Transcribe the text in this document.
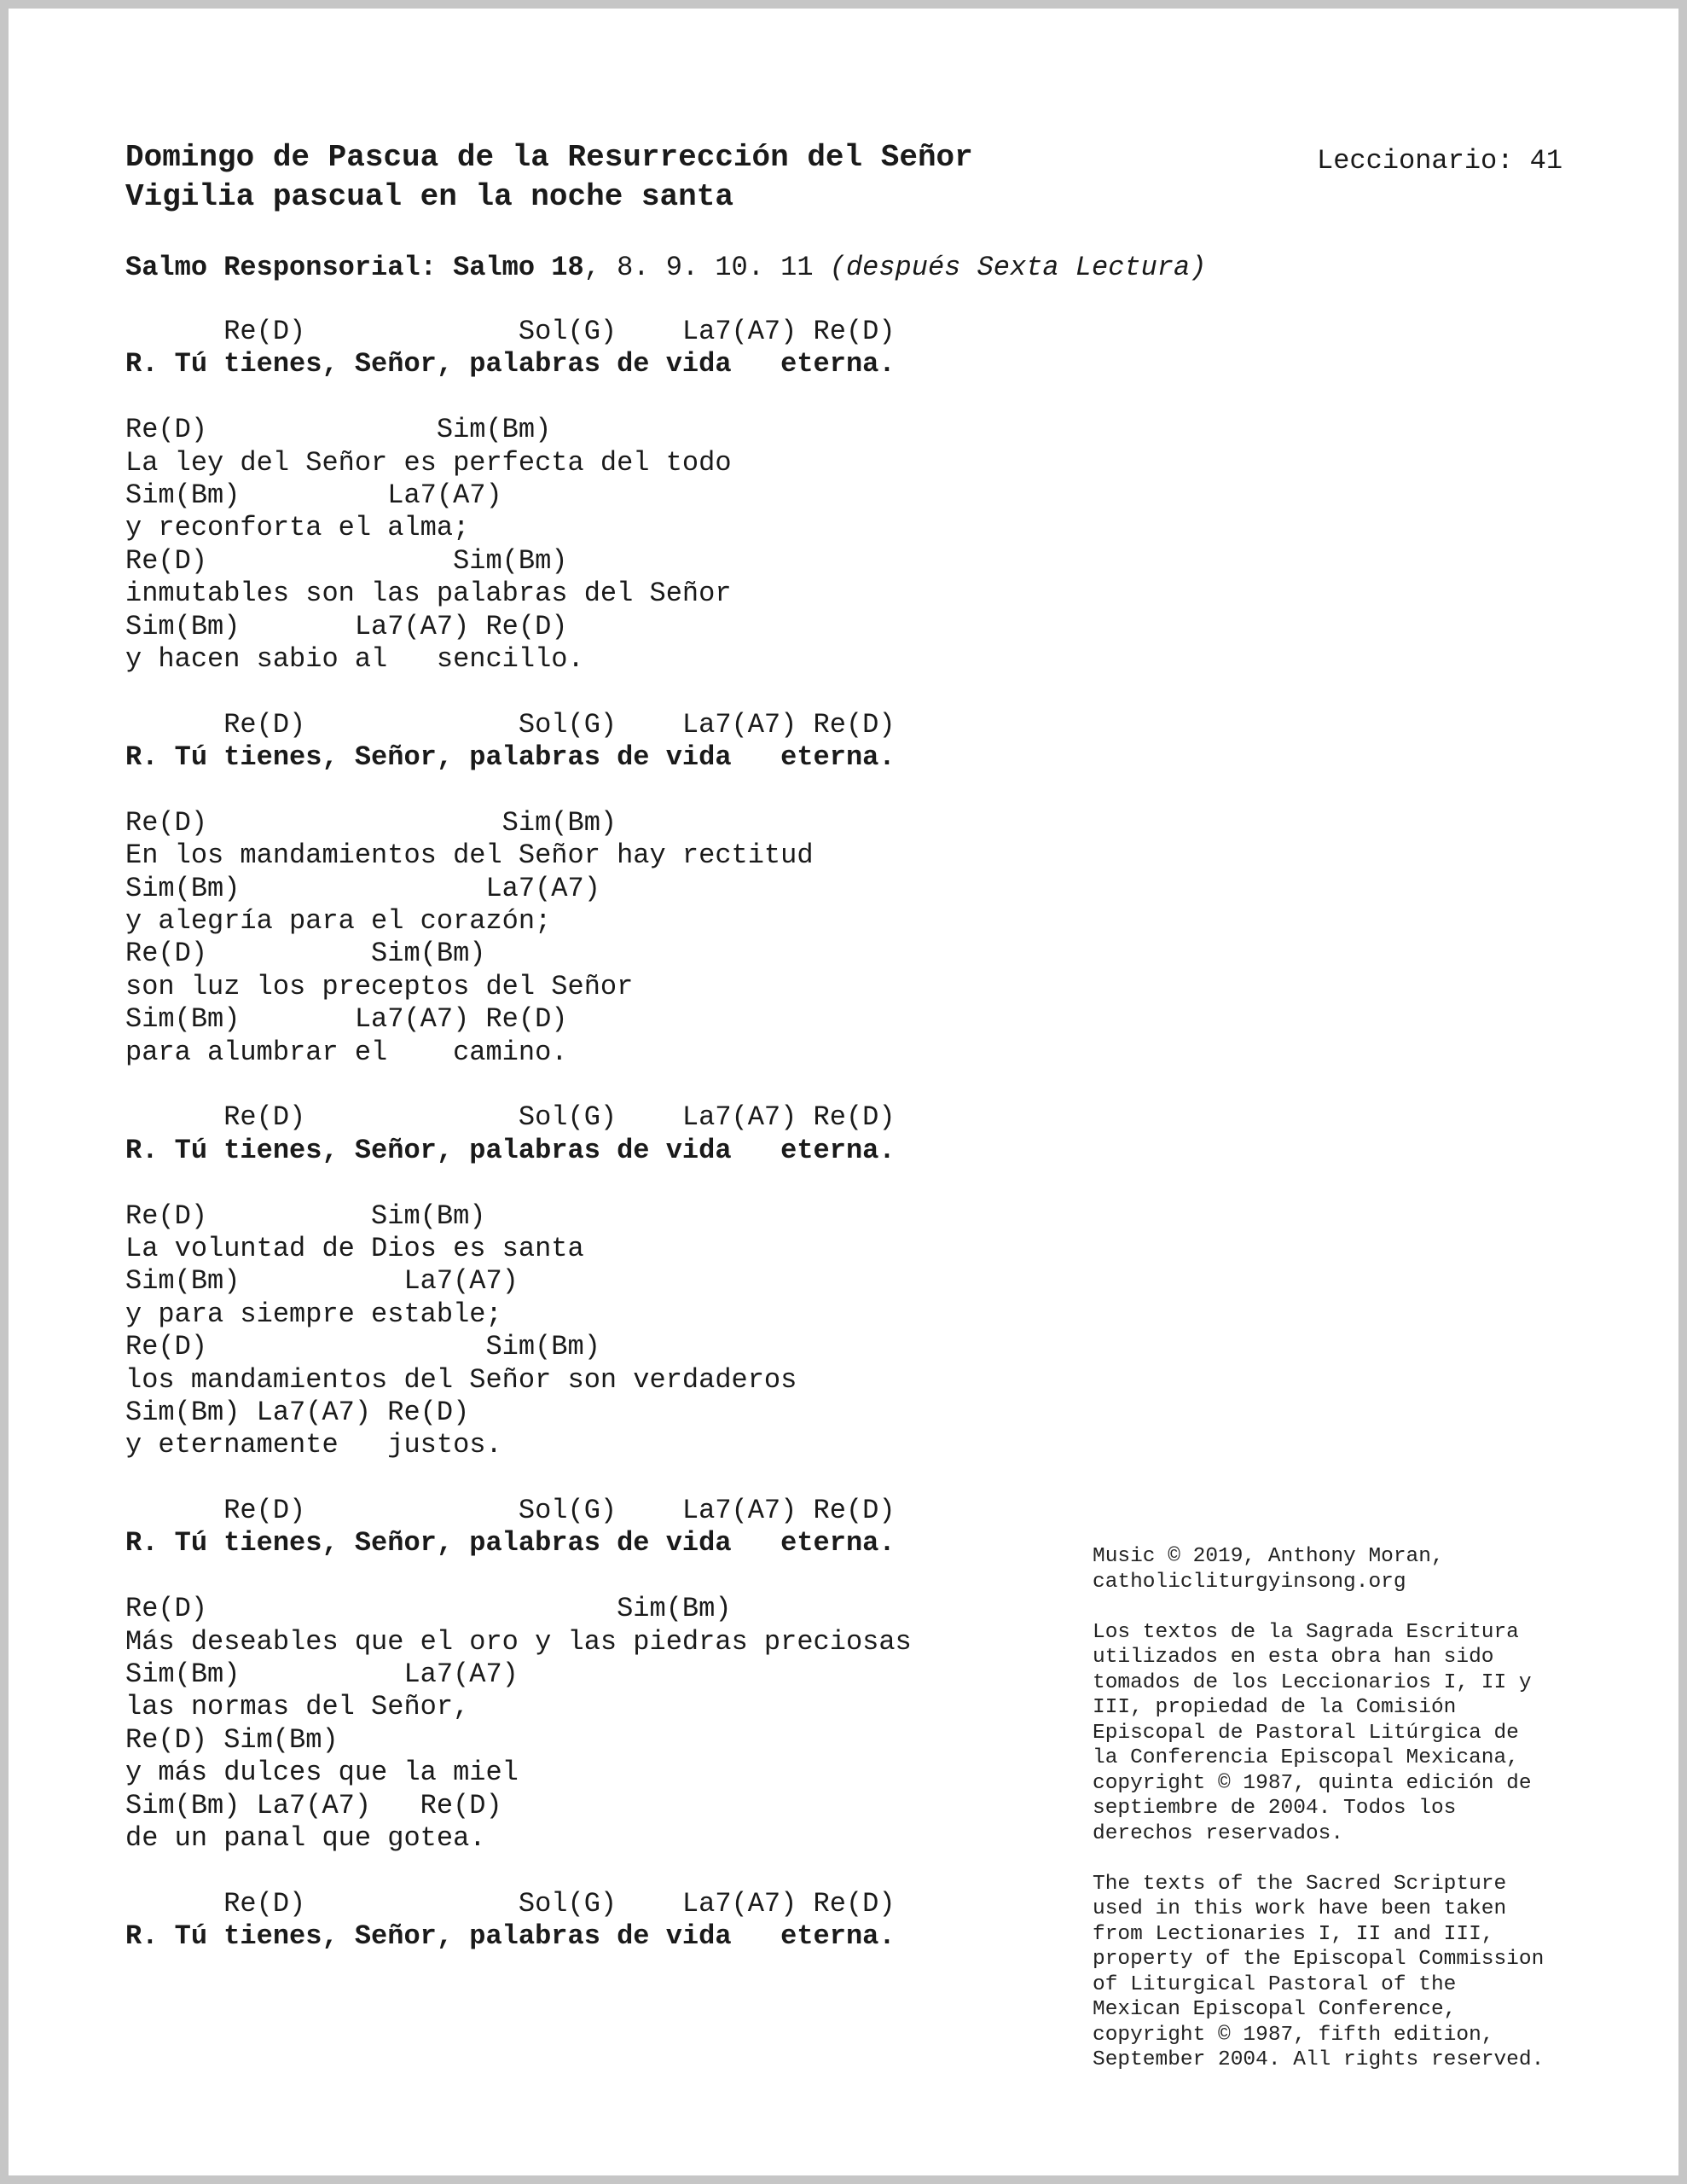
Domingo de Pascua de la Resurrección del Señor
Vigilia pascual en la noche santa
Leccionario: 41
Salmo Responsorial: Salmo 18, 8. 9. 10. 11 (después Sexta Lectura)
Re(D)             Sol(G)    La7(A7) Re(D)
R. Tú tienes, Señor, palabras de vida   eterna.
Re(D)              Sim(Bm)
La ley del Señor es perfecta del todo
Sim(Bm)         La7(A7)
y reconforta el alma;
Re(D)               Sim(Bm)
inmutables son las palabras del Señor
Sim(Bm)       La7(A7) Re(D)
y hacen sabio al   sencillo.
Re(D)             Sol(G)    La7(A7) Re(D)
R. Tú tienes, Señor, palabras de vida   eterna.
Re(D)                  Sim(Bm)
En los mandamientos del Señor hay rectitud
Sim(Bm)               La7(A7)
y alegría para el corazón;
Re(D)          Sim(Bm)
son luz los preceptos del Señor
Sim(Bm)       La7(A7) Re(D)
para alumbrar el    camino.
Re(D)             Sol(G)    La7(A7) Re(D)
R. Tú tienes, Señor, palabras de vida   eterna.
Re(D)          Sim(Bm)
La voluntad de Dios es santa
Sim(Bm)          La7(A7)
y para siempre estable;
Re(D)                 Sim(Bm)
los mandamientos del Señor son verdaderos
Sim(Bm) La7(A7) Re(D)
y eternamente   justos.
Re(D)             Sol(G)    La7(A7) Re(D)
R. Tú tienes, Señor, palabras de vida   eterna.
Re(D)                         Sim(Bm)
Más deseables que el oro y las piedras preciosas
Sim(Bm)          La7(A7)
las normas del Señor,
Re(D) Sim(Bm)
y más dulces que la miel
Sim(Bm) La7(A7)   Re(D)
de un panal que gotea.
Re(D)             Sol(G)    La7(A7) Re(D)
R. Tú tienes, Señor, palabras de vida   eterna.
Music © 2019, Anthony Moran,
catholicliturgyinsong.org
Los textos de la Sagrada Escritura
utilizados en esta obra han sido
tomados de los Leccionarios I, II y
III, propiedad de la Comisión
Episcopal de Pastoral Litúrgica de
la Conferencia Episcopal Mexicana,
copyright © 1987, quinta edición de
septiembre de 2004. Todos los
derechos reservados.
The texts of the Sacred Scripture
used in this work have been taken
from Lectionaries I, II and III,
property of the Episcopal Commission
of Liturgical Pastoral of the
Mexican Episcopal Conference,
copyright © 1987, fifth edition,
September 2004. All rights reserved.
